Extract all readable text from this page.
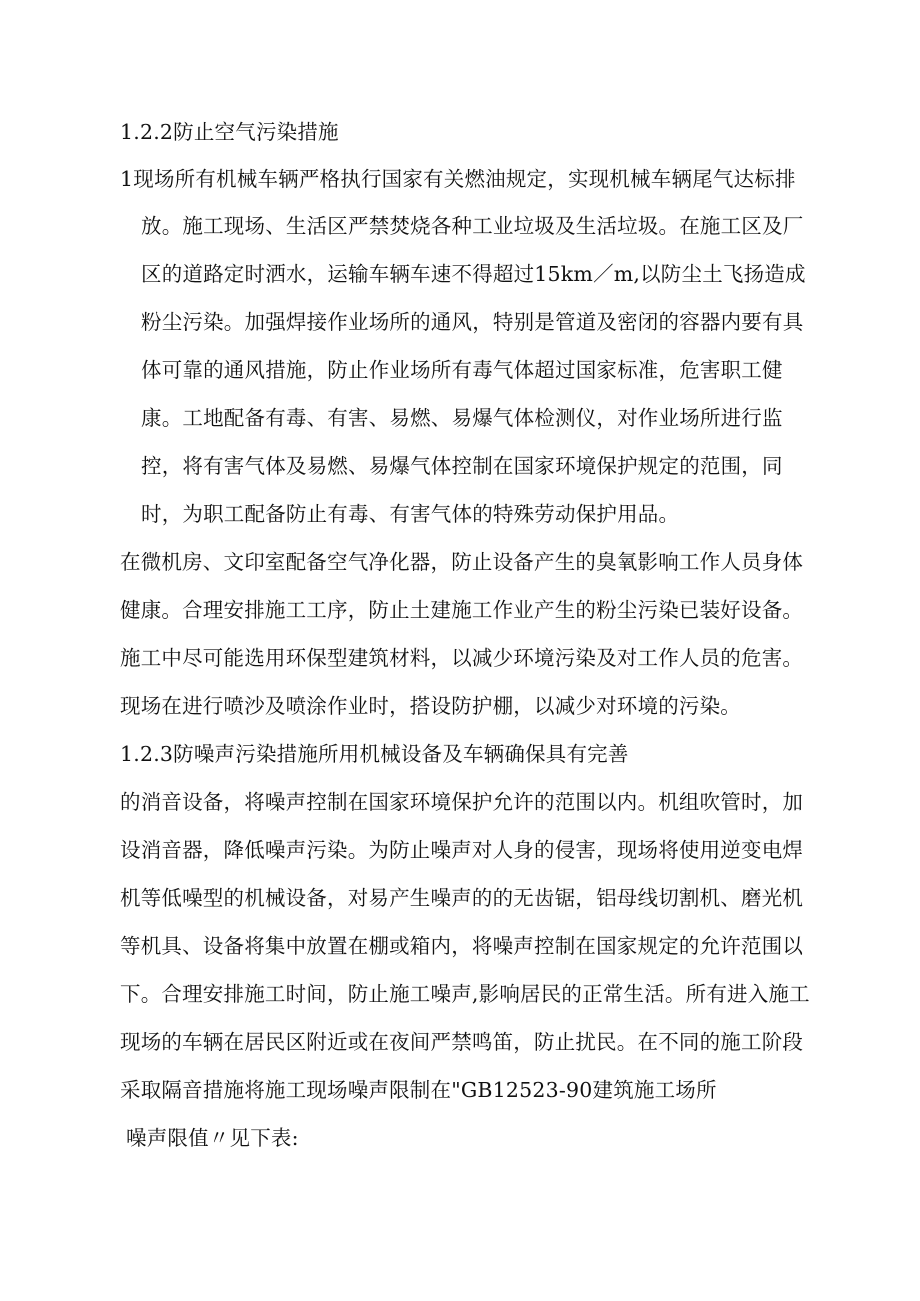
1.2.2防止空气污染措施
1现场所有机械车辆严格执行国家有关燃油规定，实现机械车辆尾气达标排
放。施工现场、生活区严禁焚烧各种工业垃圾及生活垃圾。在施工区及厂
区的道路定时洒水，运输车辆车速不得超过15km／m,以防尘土飞扬造成
粉尘污染。加强焊接作业场所的通风，特别是管道及密闭的容器内要有具
体可靠的通风措施，防止作业场所有毒气体超过国家标准，危害职工健
康。工地配备有毒、有害、易燃、易爆气体检测仪，对作业场所进行监
控，将有害气体及易燃、易爆气体控制在国家环境保护规定的范围，同
时，为职工配备防止有毒、有害气体的特殊劳动保护用品。
在微机房、文印室配备空气净化器，防止设备产生的臭氧影响工作人员身体
健康。合理安排施工工序，防止土建施工作业产生的粉尘污染已装好设备。
施工中尽可能选用环保型建筑材料，以减少环境污染及对工作人员的危害。
现场在进行喷沙及喷涂作业时，搭设防护棚，以减少对环境的污染。
1.2.3防噪声污染措施所用机械设备及车辆确保具有完善
的消音设备，将噪声控制在国家环境保护允许的范围以内。机组吹管时，加
设消音器，降低噪声污染。为防止噪声对人身的侵害，现场将使用逆变电焊
机等低噪型的机械设备，对易产生噪声的的无齿锯，铝母线切割机、磨光机
等机具、设备将集中放置在棚或箱内，将噪声控制在国家规定的允许范围以
下。合理安排施工时间，防止施工噪声,影响居民的正常生活。所有进入施工
现场的车辆在居民区附近或在夜间严禁鸣笛，防止扰民。在不同的施工阶段
采取隔音措施将施工现场噪声限制在"GB12523-90建筑施工场所
噪声限值〃见下表:
